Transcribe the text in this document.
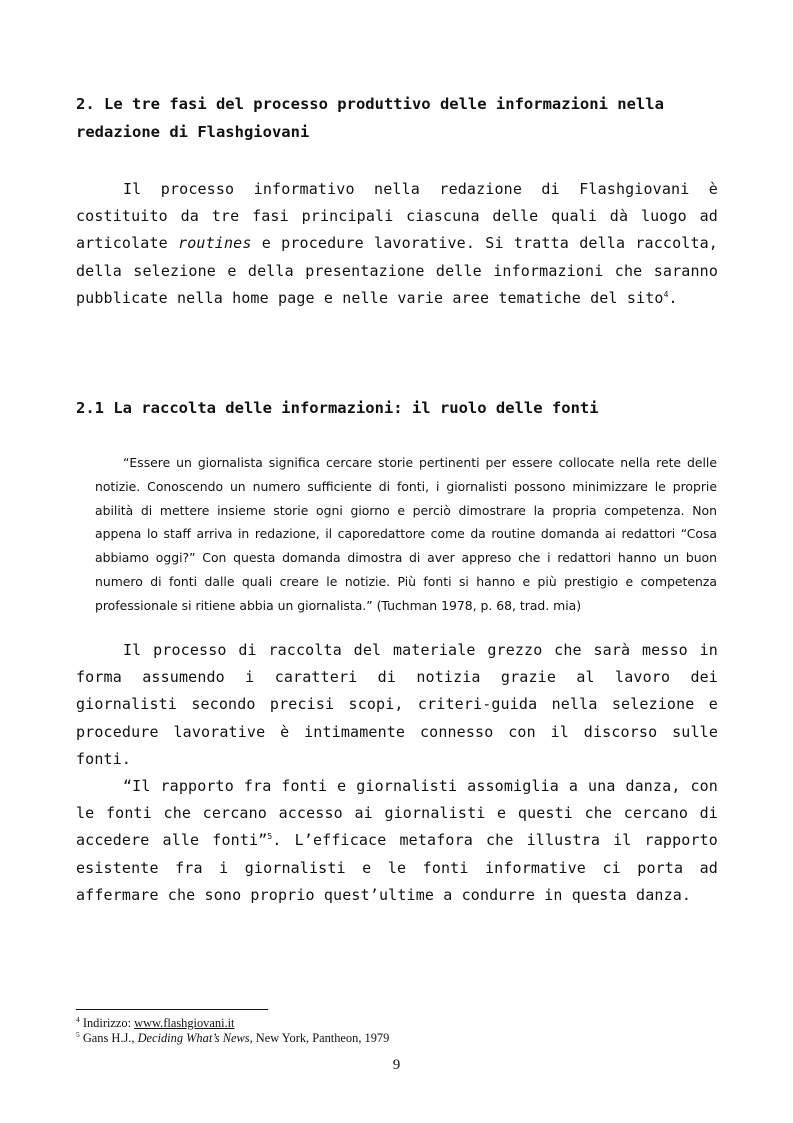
2. Le tre fasi del processo produttivo delle informazioni nella redazione di Flashgiovani

Il processo informativo nella redazione di Flashgiovani è costituito da tre fasi principali ciascuna delle quali dà luogo ad articolate routines e procedure lavorative. Si tratta della raccolta, della selezione e della presentazione delle informazioni che saranno pubblicate nella home page e nelle varie aree tematiche del sito$^4$.

2.1 La raccolta delle informazioni: il ruolo delle fonti

“Essere un giornalista significa cercare storie pertinenti per essere collocate nella rete delle notizie. Conoscendo un numero sufficiente di fonti, i giornalisti possono minimizzare le proprie abilità di mettere insieme storie ogni giorno e perciò dimostrare la propria competenza. Non appena lo staff arriva in redazione, il caporedattore come da routine domanda ai redattori “Cosa abbiamo oggi?” Con questa domanda dimostra di aver appreso che i redattori hanno un buon numero di fonti dalle quali creare le notizie. Più fonti si hanno e più prestigio e competenza professionale si ritiene abbia un giornalista.” (Tuchman 1978, p. 68, trad. mia)

Il processo di raccolta del materiale grezzo che sarà messo in forma assumendo i caratteri di notizia grazie al lavoro dei giornalisti secondo precisi scopi, criteri-guida nella selezione e procedure lavorative è intimamente connesso con il discorso sulle fonti.

“Il rapporto fra fonti e giornalisti assomiglia a una danza, con le fonti che cercano accesso ai giornalisti e questi che cercano di accedere alle fonti”$^5$. L’efficace metafora che illustra il rapporto esistente fra i giornalisti e le fonti informative ci porta ad affermare che sono proprio quest’ultime a condurre in questa danza.

$^4$ Indirizzo: www.flashgiovani.it

$^5$ Gans H.J., Deciding What’s News, New York, Pantheon, 1979

9
